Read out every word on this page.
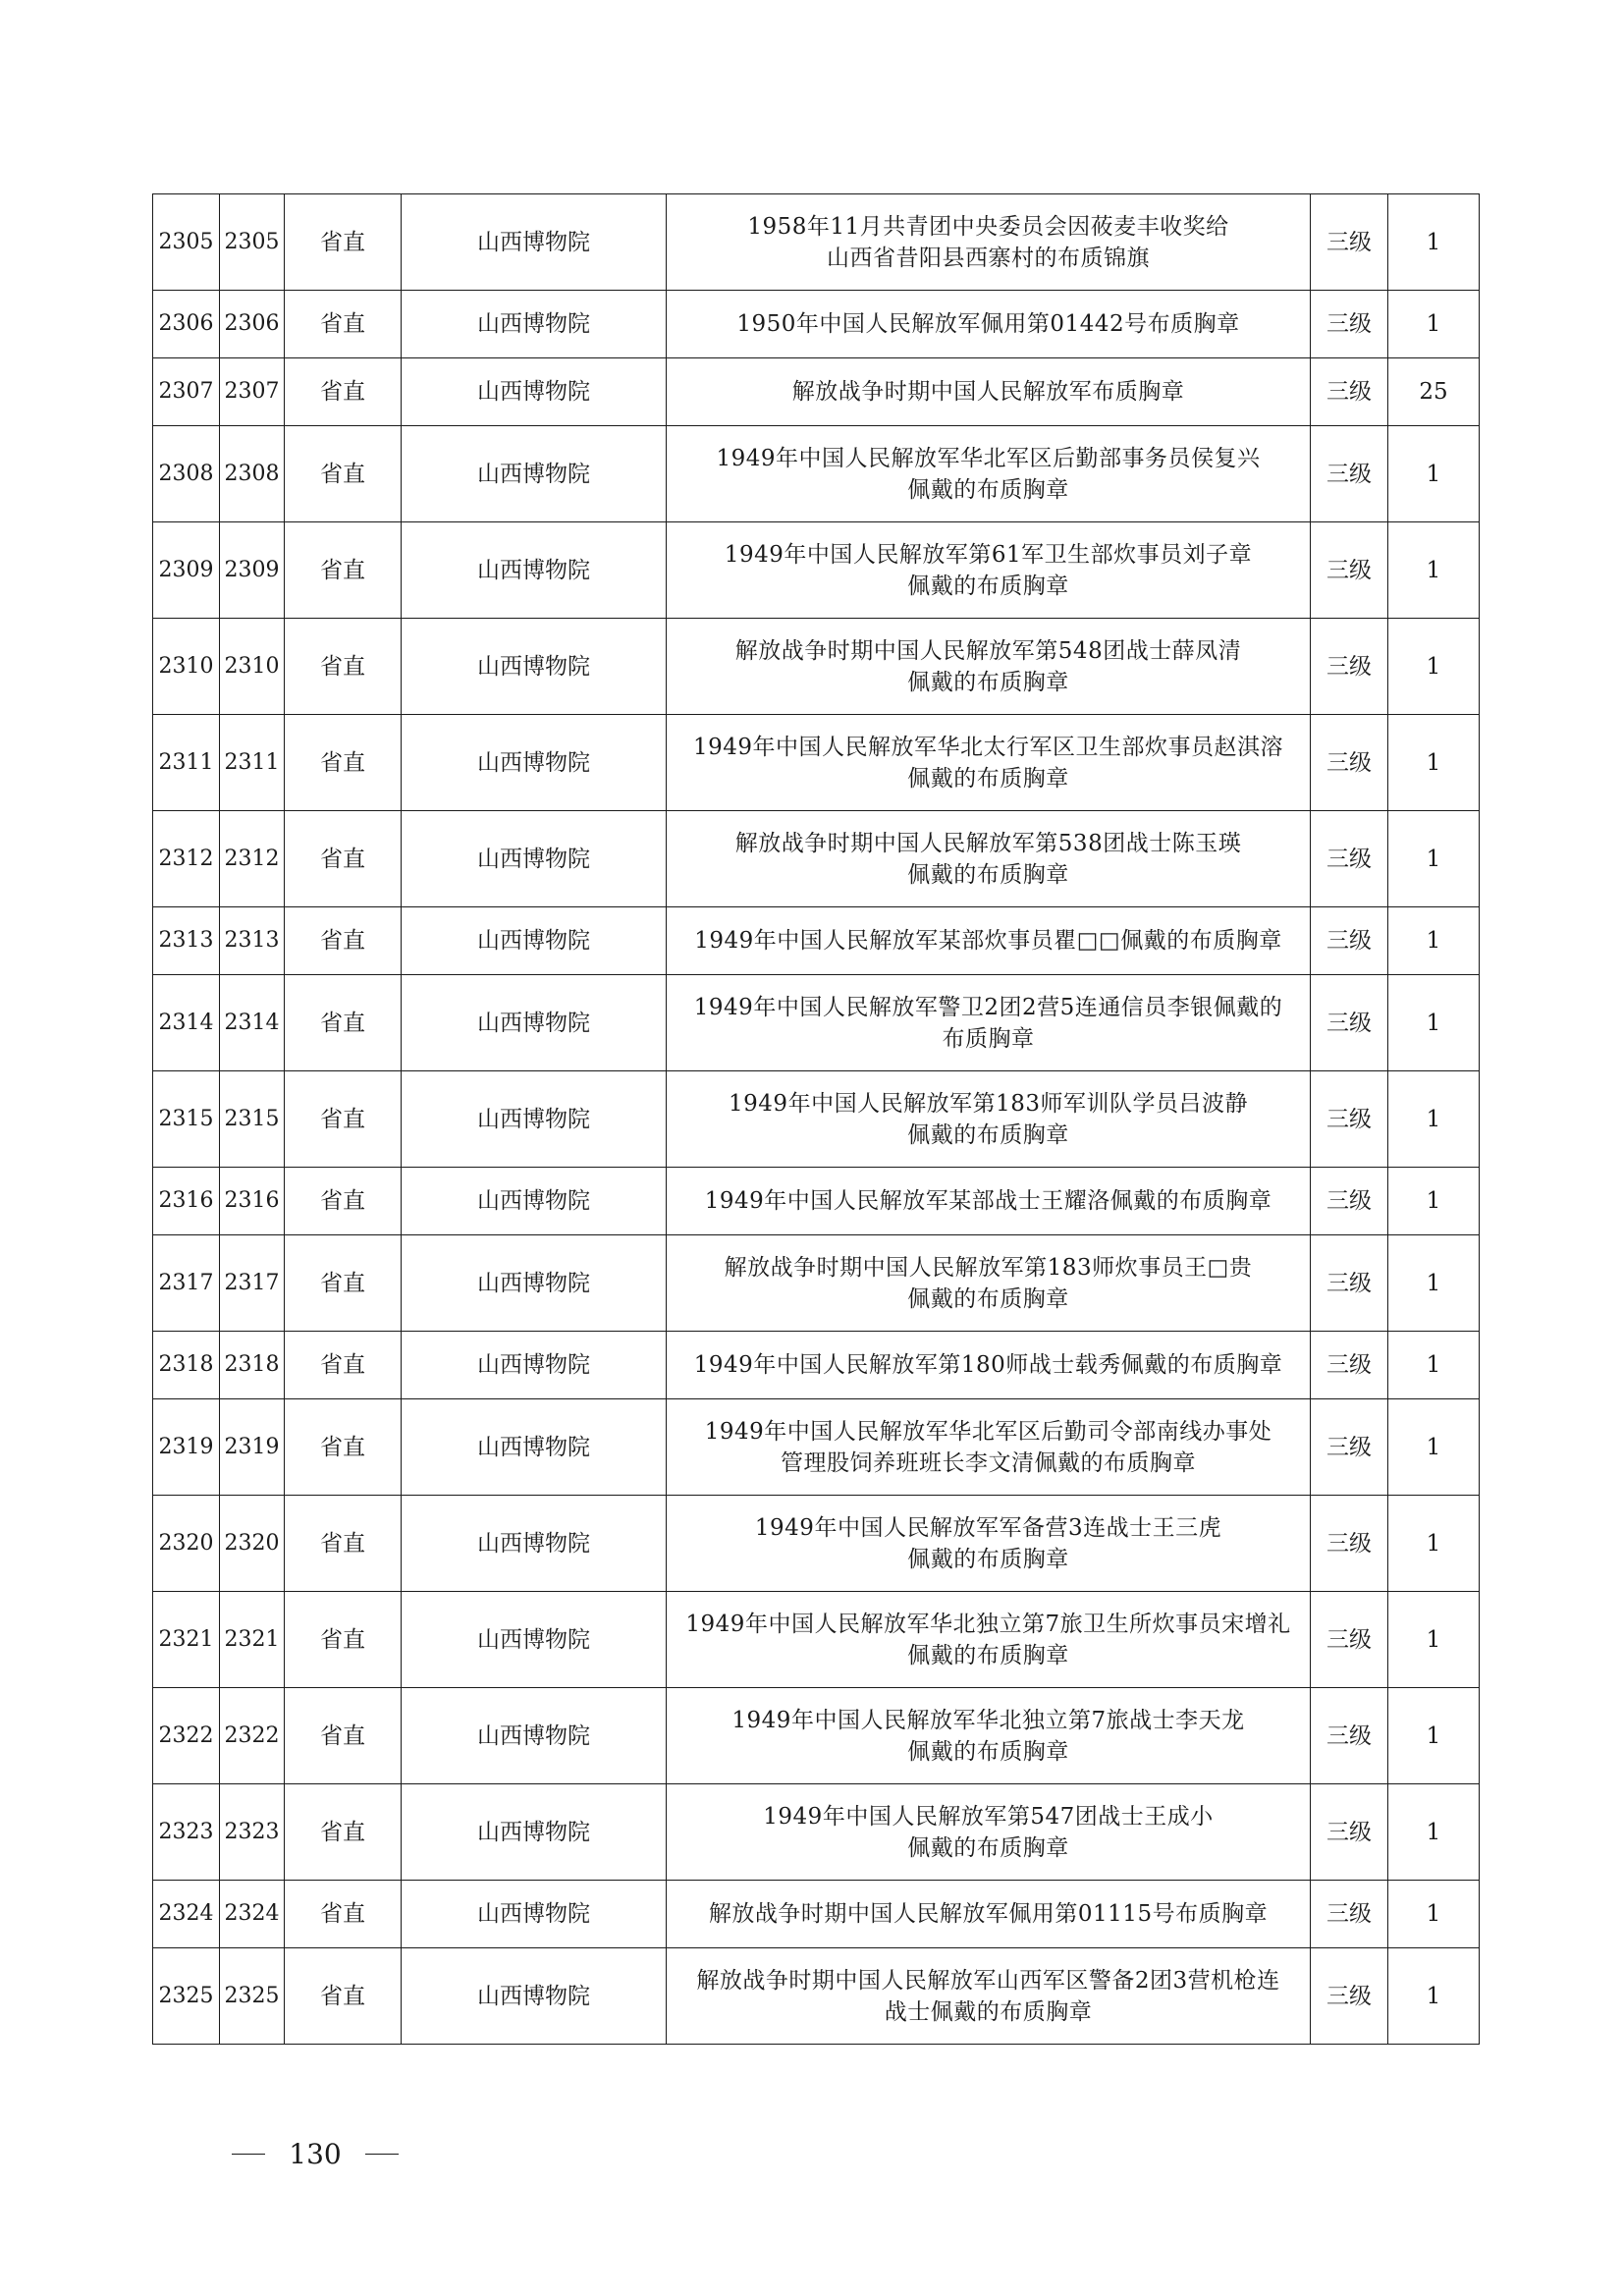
2305	2305	省直	山西博物院	1958年11月共青团中央委员会因莜麦丰收奖给
山西省昔阳县西寨村的布质锦旗	三级	1
2306	2306	省直	山西博物院	1950年中国人民解放军佩用第01442号布质胸章	三级	1
2307	2307	省直	山西博物院	解放战争时期中国人民解放军布质胸章	三级	25
2308	2308	省直	山西博物院	1949年中国人民解放军华北军区后勤部事务员侯复兴
佩戴的布质胸章	三级	1
2309	2309	省直	山西博物院	1949年中国人民解放军第61军卫生部炊事员刘子章
佩戴的布质胸章	三级	1
2310	2310	省直	山西博物院	解放战争时期中国人民解放军第548团战士薛凤清
佩戴的布质胸章	三级	1
2311	2311	省直	山西博物院	1949年中国人民解放军华北太行军区卫生部炊事员赵淇溶
佩戴的布质胸章	三级	1
2312	2312	省直	山西博物院	解放战争时期中国人民解放军第538团战士陈玉瑛
佩戴的布质胸章	三级	1
2313	2313	省直	山西博物院	1949年中国人民解放军某部炊事员瞿□□佩戴的布质胸章	三级	1
2314	2314	省直	山西博物院	1949年中国人民解放军警卫2团2营5连通信员李银佩戴的
布质胸章	三级	1
2315	2315	省直	山西博物院	1949年中国人民解放军第183师军训队学员吕波静
佩戴的布质胸章	三级	1
2316	2316	省直	山西博物院	1949年中国人民解放军某部战士王耀洛佩戴的布质胸章	三级	1
2317	2317	省直	山西博物院	解放战争时期中国人民解放军第183师炊事员王□贵
佩戴的布质胸章	三级	1
2318	2318	省直	山西博物院	1949年中国人民解放军第180师战士载秀佩戴的布质胸章	三级	1
2319	2319	省直	山西博物院	1949年中国人民解放军华北军区后勤司令部南线办事处
管理股饲养班班长李文清佩戴的布质胸章	三级	1
2320	2320	省直	山西博物院	1949年中国人民解放军军备营3连战士王三虎
佩戴的布质胸章	三级	1
2321	2321	省直	山西博物院	1949年中国人民解放军华北独立第7旅卫生所炊事员宋增礼
佩戴的布质胸章	三级	1
2322	2322	省直	山西博物院	1949年中国人民解放军华北独立第7旅战士李天龙
佩戴的布质胸章	三级	1
2323	2323	省直	山西博物院	1949年中国人民解放军第547团战士王成小
佩戴的布质胸章	三级	1
2324	2324	省直	山西博物院	解放战争时期中国人民解放军佩用第01115号布质胸章	三级	1
2325	2325	省直	山西博物院	解放战争时期中国人民解放军山西军区警备2团3营机枪连
战士佩戴的布质胸章	三级	1
130
